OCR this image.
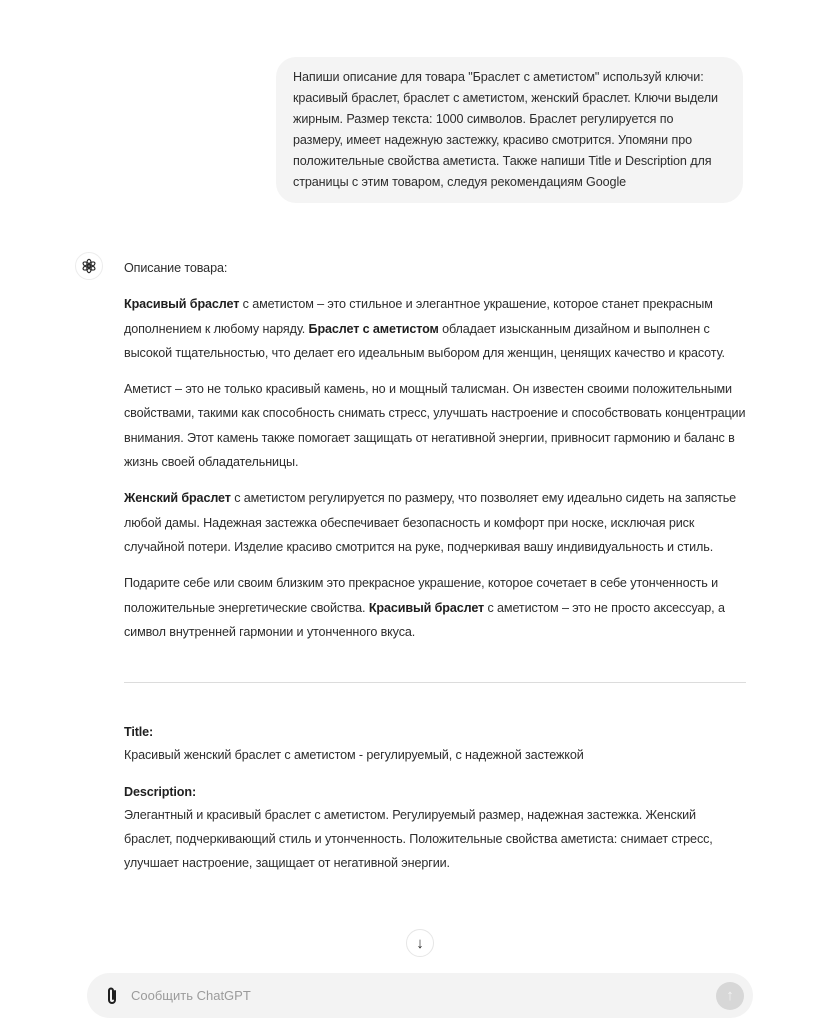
Напиши описание для товара "Браслет с аметистом" используй ключи: красивый браслет, браслет с аметистом, женский браслет. Ключи выдели жирным. Размер текста: 1000 символов. Браслет регулируется по размеру, имеет надежную застежку, красиво смотрится. Упомяни про положительные свойства аметиста. Также напиши Title и Description для страницы с этим товаром, следуя рекомендациям Google
Описание товара:

Красивый браслет с аметистом – это стильное и элегантное украшение, которое станет прекрасным дополнением к любому наряду. Браслет с аметистом обладает изысканным дизайном и выполнен с высокой тщательностью, что делает его идеальным выбором для женщин, ценящих качество и красоту.

Аметист – это не только красивый камень, но и мощный талисман. Он известен своими положительными свойствами, такими как способность снимать стресс, улучшать настроение и способствовать концентрации внимания. Этот камень также помогает защищать от негативной энергии, привносит гармонию и баланс в жизнь своей обладательницы.

Женский браслет с аметистом регулируется по размеру, что позволяет ему идеально сидеть на запястье любой дамы. Надежная застежка обеспечивает безопасность и комфорт при носке, исключая риск случайной потери. Изделие красиво смотрится на руке, подчеркивая вашу индивидуальность и стиль.

Подарите себе или своим близким это прекрасное украшение, которое сочетает в себе утонченность и положительные энергетические свойства. Красивый браслет с аметистом – это не просто аксессуар, а символ внутренней гармонии и утонченного вкуса.

Title:
Красивый женский браслет с аметистом - регулируемый, с надежной застежкой
Description:
Элегантный и красивый браслет с аметистом. Регулируемый размер, надежная застежка. Женский браслет, подчеркивающий стиль и утонченность. Положительные свойства аметиста: снимает стресс, улучшает настроение, защищает от негативной энергии.
↓
Сообщить ChatGPT
↑
